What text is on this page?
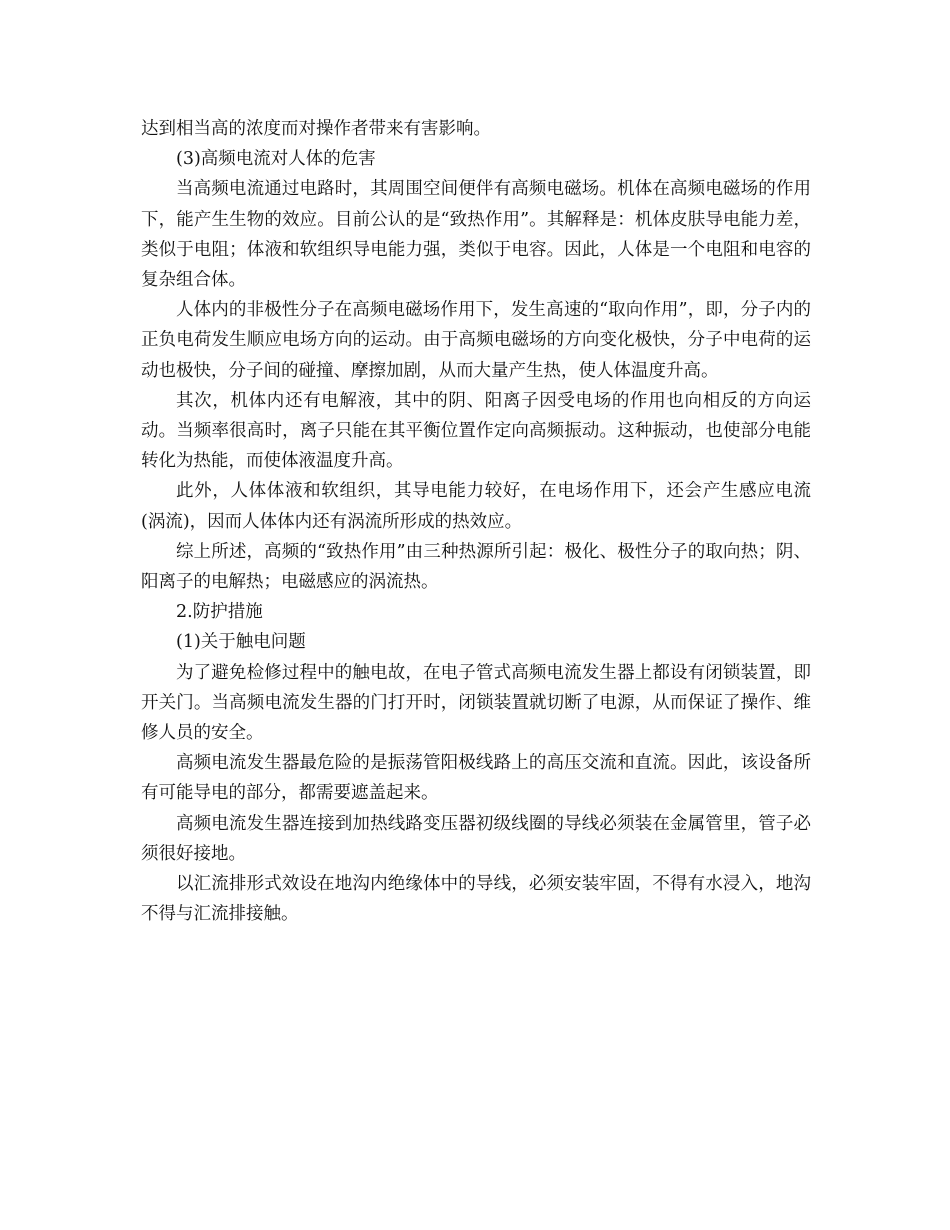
达到相当高的浓度而对操作者带来有害影响。

(3)高频电流对人体的危害

当高频电流通过电路时，其周围空间便伴有高频电磁场。机体在高频电磁场的作用下，能产生生物的效应。目前公认的是“致热作用”。其解释是：机体皮肤导电能力差，类似于电阻；体液和软组织导电能力强，类似于电容。因此，人体是一个电阻和电容的复杂组合体。

人体内的非极性分子在高频电磁场作用下，发生高速的“取向作用”，即，分子内的正负电荷发生顺应电场方向的运动。由于高频电磁场的方向变化极快，分子中电荷的运动也极快，分子间的碰撞、摩擦加剧，从而大量产生热，使人体温度升高。

其次，机体内还有电解液，其中的阴、阳离子因受电场的作用也向相反的方向运动。当频率很高时，离子只能在其平衡位置作定向高频振动。这种振动，也使部分电能转化为热能，而使体液温度升高。

此外，人体体液和软组织，其导电能力较好，在电场作用下，还会产生感应电流(涡流)，因而人体体内还有涡流所形成的热效应。

综上所述，高频的“致热作用”由三种热源所引起：极化、极性分子的取向热；阴、阳离子的电解热；电磁感应的涡流热。

2.防护措施

(1)关于触电问题

为了避免检修过程中的触电故，在电子管式高频电流发生器上都设有闭锁装置，即开关门。当高频电流发生器的门打开时，闭锁装置就切断了电源，从而保证了操作、维修人员的安全。

高频电流发生器最危险的是振荡管阳极线路上的高压交流和直流。因此，该设备所有可能导电的部分，都需要遮盖起来。

高频电流发生器连接到加热线路变压器初级线圈的导线必须装在金属管里，管子必须很好接地。

以汇流排形式效设在地沟内绝缘体中的导线，必须安装牢固，不得有水浸入，地沟不得与汇流排接触。
